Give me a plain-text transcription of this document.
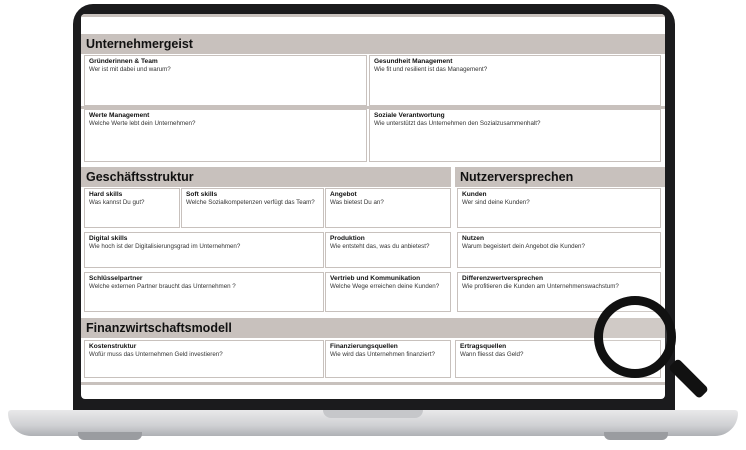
Unternehmergeist
Gründerinnen & Team
Wer ist mit dabei und warum?
Gesundheit Management
Wie fit und resilient ist das Management?
Werte Management
Welche Werte lebt dein Unternehmen?
Soziale Verantwortung
Wie unterstützt das Unternehmen den Sozialzusammenhalt?
Geschäftsstruktur
Hard skills
Was kannst Du gut?
Soft skills
Welche Sozialkompetenzen verfügt das Team?
Angebot
Was bietest Du an?
Digital skills
Wie hoch ist der Digitalisierungsgrad im Unternehmen?
Produktion
Wie entsteht das, was du anbietest?
Schlüsselpartner
Welche externen Partner braucht das Unternehmen ?
Vertrieb und Kommunikation
Welche Wege erreichen deine Kunden?
Nutzerversprechen
Kunden
Wer sind deine Kunden?
Nutzen
Warum begeistert dein Angebot die Kunden?
Differenzwertversprechen
Wie profitieren die Kunden am Unternehmenswachstum?
Finanzwirtschaftsmodell
Kostenstruktur
Wofür muss das Unternehmen Geld investieren?
Finanzierungsquellen
Wie wird das Unternehmen finanziert?
Ertragsquellen
Wann fliesst das Geld?
